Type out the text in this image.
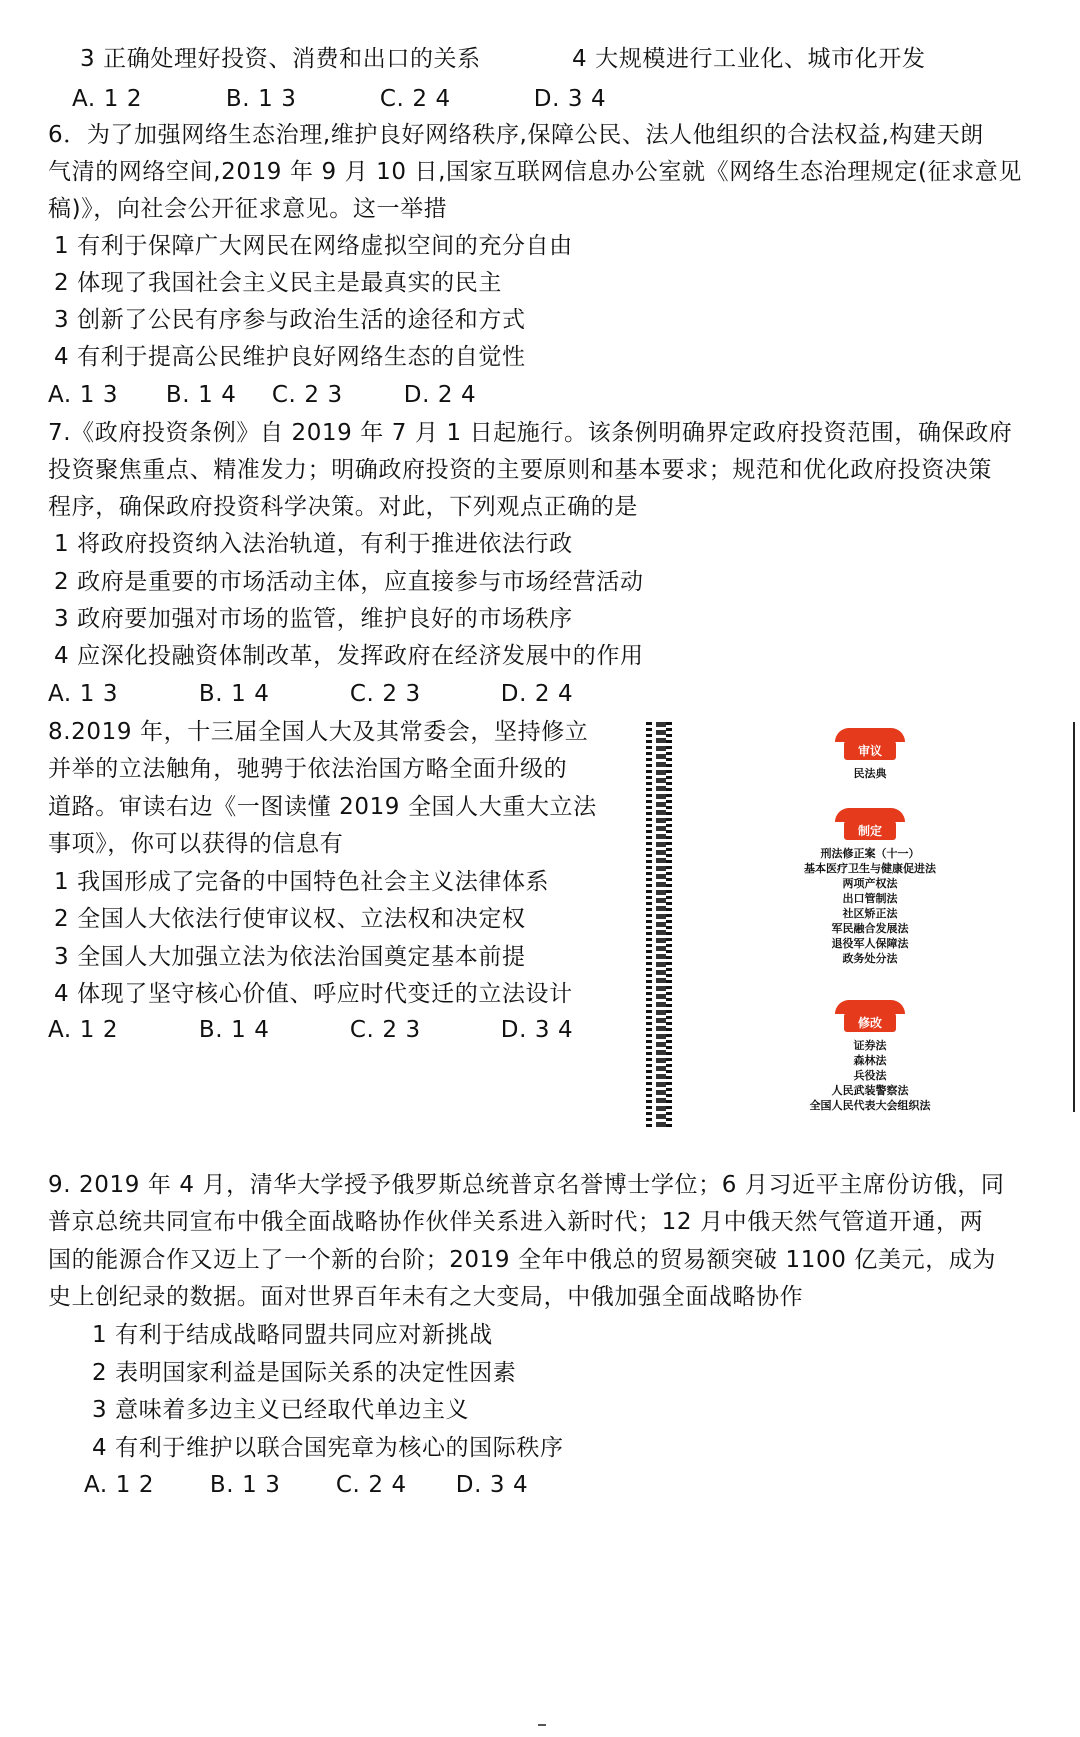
3 正确处理好投资、消费和出口的关系	4 大规模进行工业化、城市化开发
A. 1 2	B. 1 3	C. 2 4	D. 3 4
6．为了加强网络生态治理,维护良好网络秩序,保障公民、法人他组织的合法权益,构建天朗
气清的网络空间,2019 年 9 月 10 日,国家互联网信息办公室就《网络生态治理规定(征求意见
稿)》，向社会公开征求意见。这一举措
1 有利于保障广大网民在网络虚拟空间的充分自由
2 体现了我国社会主义民主是最真实的民主
3 创新了公民有序参与政治生活的途径和方式
4 有利于提高公民维护良好网络生态的自觉性
A. 1 3 B. 1 4 C. 2 3	D. 2 4
7.《政府投资条例》自 2019 年 7 月 1 日起施行。该条例明确界定政府投资范围，确保政府
投资聚焦重点、精准发力；明确政府投资的主要原则和基本要求；规范和优化政府投资决策
程序，确保政府投资科学决策。对此，下列观点正确的是
1 将政府投资纳入法治轨道，有利于推进依法行政
2 政府是重要的市场活动主体，应直接参与市场经营活动
3 政府要加强对市场的监管，维护良好的市场秩序
4 应深化投融资体制改革，发挥政府在经济发展中的作用
A. 1 3	B. 1 4	C. 2 3	D. 2 4
8.2019 年，十三届全国人大及其常委会，坚持修立
并举的立法触角，驰骋于依法治国方略全面升级的
道路。审读右边《一图读懂 2019 全国人大重大立法
事项》，你可以获得的信息有
1 我国形成了完备的中国特色社会主义法律体系
2 全国人大依法行使审议权、立法权和决定权
3 全国人大加强立法为依法治国奠定基本前提
4 体现了坚守核心价值、呼应时代变迁的立法设计
A. 1 2	B. 1 4	C. 2 3	D. 3 4
审议
民法典
制定
刑法修正案（十一）
基本医疗卫生与健康促进法
两项产权法
出口管制法
社区矫正法
军民融合发展法
退役军人保障法
政务处分法
修改
证券法
森林法
兵役法
人民武装警察法
全国人民代表大会组织法
9. 2019 年 4 月，清华大学授予俄罗斯总统普京名誉博士学位；6 月习近平主席份访俄，同
普京总统共同宣布中俄全面战略协作伙伴关系进入新时代；12 月中俄天然气管道开通，两
国的能源合作又迈上了一个新的台阶；2019 全年中俄总的贸易额突破 1100 亿美元，成为
史上创纪录的数据。面对世界百年未有之大变局，中俄加强全面战略协作
1 有利于结成战略同盟共同应对新挑战
2 表明国家利益是国际关系的决定性因素
3 意味着多边主义已经取代单边主义
4 有利于维护以联合国宪章为核心的国际秩序
A. 1 2 B. 1 3 C. 2 4 D. 3 4
